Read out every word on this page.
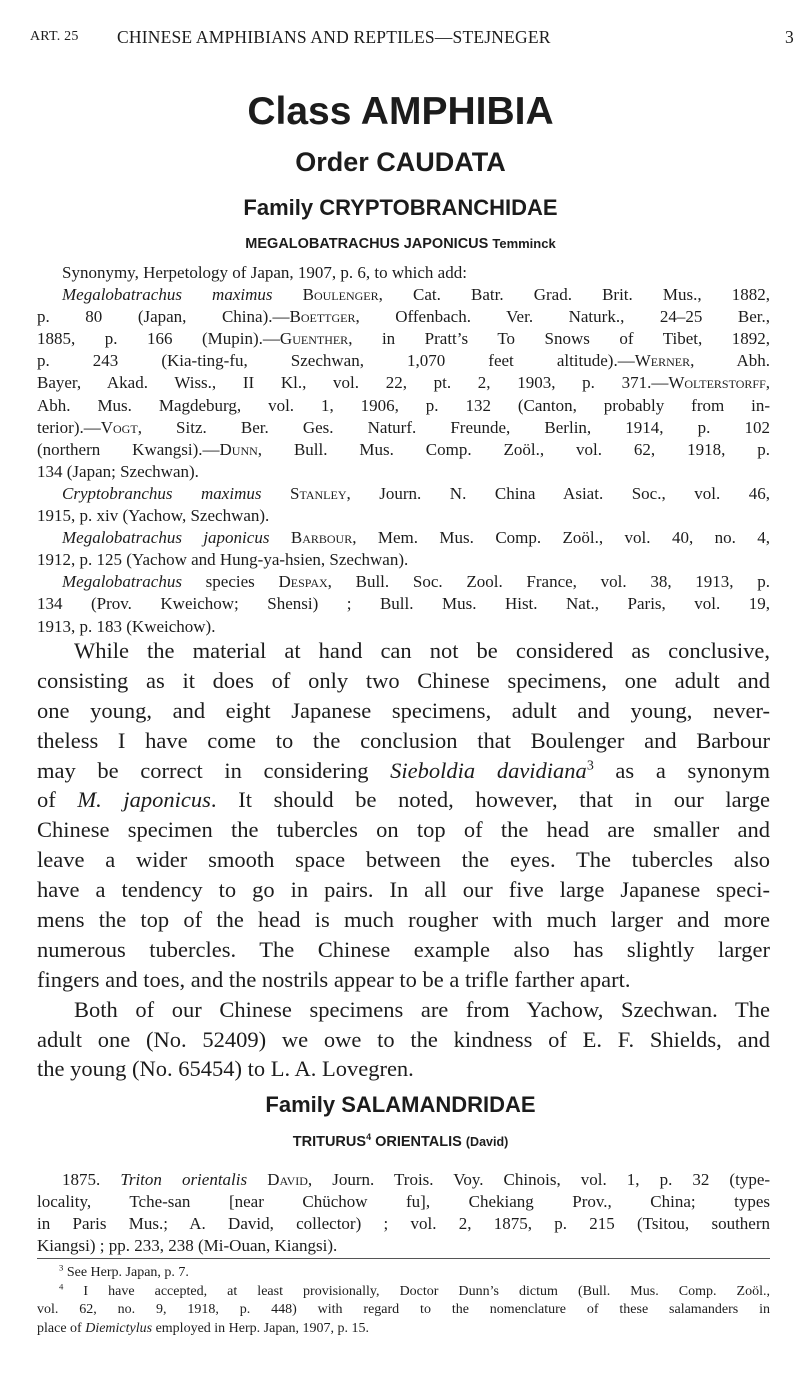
ART. 25 CHINESE AMPHIBIANS AND REPTILES—STEJNEGER	3
Class AMPHIBIA
Order CAUDATA
Family CRYPTOBRANCHIDAE
MEGALOBATRACHUS JAPONICUS Temminck
Synonymy, Herpetology of Japan, 1907, p. 6, to which add:
Megalobatrachus maximus Boulenger, Cat. Batr. Grad. Brit. Mus., 1882,
p. 80 (Japan, China).—Boettger, Offenbach. Ver. Naturk., 24–25 Ber.,
1885, p. 166 (Mupin).—Guenther, in Pratt’s To Snows of Tibet, 1892,
p. 243 (Kia-ting-fu, Szechwan, 1,070 feet altitude).—Werner, Abh.
Bayer, Akad. Wiss., II Kl., vol. 22, pt. 2, 1903, p. 371.—Wolterstorff,
Abh. Mus. Magdeburg, vol. 1, 1906, p. 132 (Canton, probably from in-
terior).—Vogt, Sitz. Ber. Ges. Naturf. Freunde, Berlin, 1914, p. 102
(northern Kwangsi).—Dunn, Bull. Mus. Comp. Zoöl., vol. 62, 1918, p.
134 (Japan; Szechwan).
Cryptobranchus maximus Stanley, Journ. N. China Asiat. Soc., vol. 46,
1915, p. xiv (Yachow, Szechwan).
Megalobatrachus japonicus Barbour, Mem. Mus. Comp. Zoöl., vol. 40, no. 4,
1912, p. 125 (Yachow and Hung-ya-hsien, Szechwan).
Megalobatrachus species Despax, Bull. Soc. Zool. France, vol. 38, 1913, p.
134 (Prov. Kweichow; Shensi) ; Bull. Mus. Hist. Nat., Paris, vol. 19,
1913, p. 183 (Kweichow).
While the material at hand can not be considered as conclusive,
consisting as it does of only two Chinese specimens, one adult and
one young, and eight Japanese specimens, adult and young, never-
theless I have come to the conclusion that Boulenger and Barbour
may be correct in considering Sieboldia davidiana$^3$ as a synonym
of M. japonicus. It should be noted, however, that in our large
Chinese specimen the tubercles on top of the head are smaller and
leave a wider smooth space between the eyes. The tubercles also
have a tendency to go in pairs. In all our five large Japanese speci-
mens the top of the head is much rougher with much larger and more
numerous tubercles. The Chinese example also has slightly larger
fingers and toes, and the nostrils appear to be a trifle farther apart.
Both of our Chinese specimens are from Yachow, Szechwan. The
adult one (No. 52409) we owe to the kindness of E. F. Shields, and
the young (No. 65454) to L. A. Lovegren.
Family SALAMANDRIDAE
TRITURUS$^4$ ORIENTALIS (David)
1875. Triton orientalis David, Journ. Trois. Voy. Chinois, vol. 1, p. 32 (type-
locality, Tche-san [near Chüchow fu], Chekiang Prov., China; types
in Paris Mus.; A. David, collector) ; vol. 2, 1875, p. 215 (Tsitou, southern
Kiangsi) ; pp. 233, 238 (Mi-Ouan, Kiangsi).
$^3$ See Herp. Japan, p. 7.
$^4$ I have accepted, at least provisionally, Doctor Dunn’s dictum (Bull. Mus. Comp. Zoöl.,
vol. 62, no. 9, 1918, p. 448) with regard to the nomenclature of these salamanders in
place of Diemictylus employed in Herp. Japan, 1907, p. 15.
